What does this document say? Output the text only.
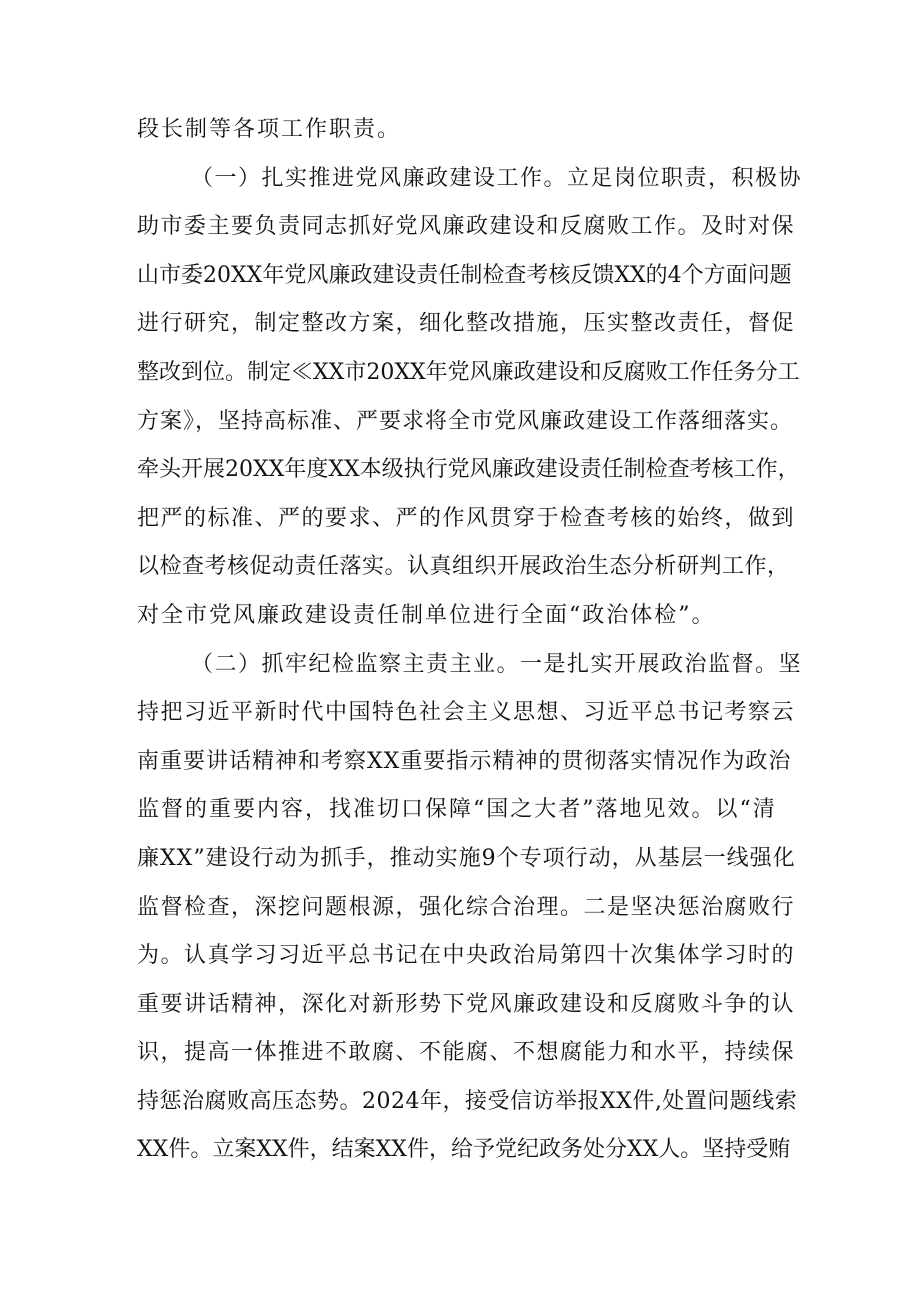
段长制等各项工作职责。
（一）扎实推进党风廉政建设工作。立足岗位职责，积极协
助市委主要负责同志抓好党风廉政建设和反腐败工作。及时对保
山市委20XX年党风廉政建设责任制检查考核反馈XX的4个方面问题
进行研究，制定整改方案，细化整改措施，压实整改责任，督促
整改到位。制定≪XX市20XX年党风廉政建设和反腐败工作任务分工
方案》，坚持高标准、严要求将全市党风廉政建设工作落细落实。
牵头开展20XX年度XX本级执行党风廉政建设责任制检查考核工作，
把严的标准、严的要求、严的作风贯穿于检查考核的始终，做到
以检查考核促动责任落实。认真组织开展政治生态分析研判工作，
对全市党风廉政建设责任制单位进行全面“政治体检”。
（二）抓牢纪检监察主责主业。一是扎实开展政治监督。坚
持把习近平新时代中国特色社会主义思想、习近平总书记考察云
南重要讲话精神和考察XX重要指示精神的贯彻落实情况作为政治
监督的重要内容，找准切口保障“国之大者”落地见效。以“清
廉XX”建设行动为抓手，推动实施9个专项行动，从基层一线强化
监督检查，深挖问题根源，强化综合治理。二是坚决惩治腐败行
为。认真学习习近平总书记在中央政治局第四十次集体学习时的
重要讲话精神，深化对新形势下党风廉政建设和反腐败斗争的认
识，提高一体推进不敢腐、不能腐、不想腐能力和水平，持续保
持惩治腐败高压态势。2024年，接受信访举报XX件,处置问题线索
XX件。立案XX件，结案XX件，给予党纪政务处分XX人。坚持受贿
